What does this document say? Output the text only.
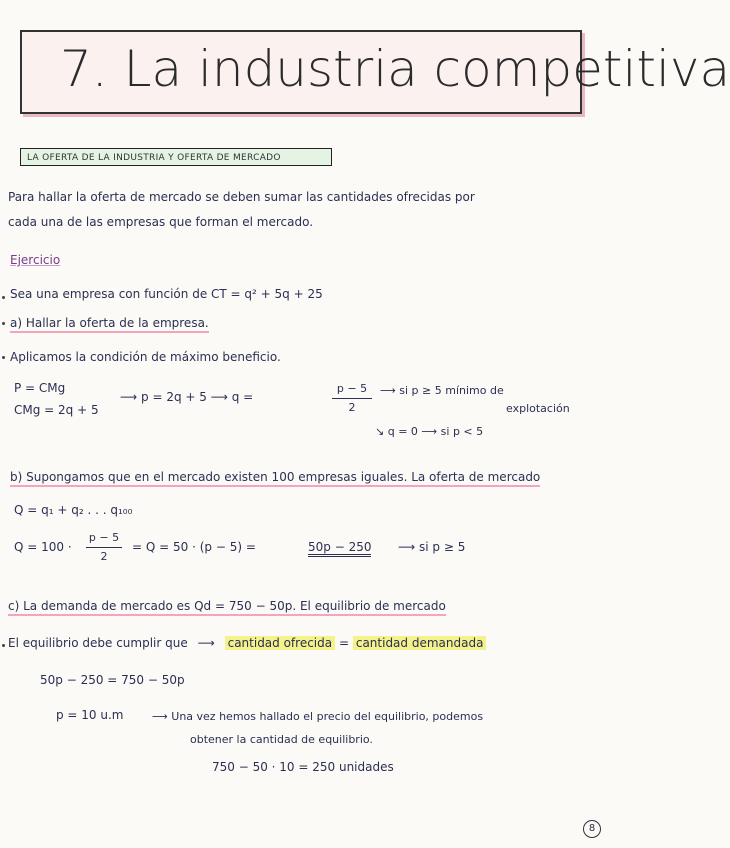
7. La industria competitiva
LA OFERTA DE LA INDUSTRIA Y OFERTA DE MERCADO
Para hallar la oferta de mercado se deben sumar las cantidades ofrecidas por
cada una de las empresas que forman el mercado.
Ejercicio
Sea una empresa con función de CT = q² + 5q + 25
a) Hallar la oferta de la empresa.
Aplicamos la condición de máximo beneficio.
P = CMg
CMg = 2q + 5
⟶ p = 2q + 5 ⟶ q =
p − 5
2
⟶ si p ≥ 5 mínimo de
explotación
↘ q = 0 ⟶ si p < 5
b) Supongamos que en el mercado existen 100 empresas iguales. La oferta de mercado
Q = q₁ + q₂ . . . q₁₀₀
Q = 100 ·
p − 5
2
= Q = 50 · (p − 5) =	50p − 250 ⟶ si p ≥ 5
c) La demanda de mercado es Qd = 750 − 50p. El equilibrio de mercado
El equilibrio debe cumplir que ⟶ cantidad ofrecida = cantidad demandada
50p − 250 = 750 − 50p
p = 10 u.m	⟶ Una vez hemos hallado el precio del equilibrio, podemos
obtener la cantidad de equilibrio.
750 − 50 · 10 = 250 unidades
8
